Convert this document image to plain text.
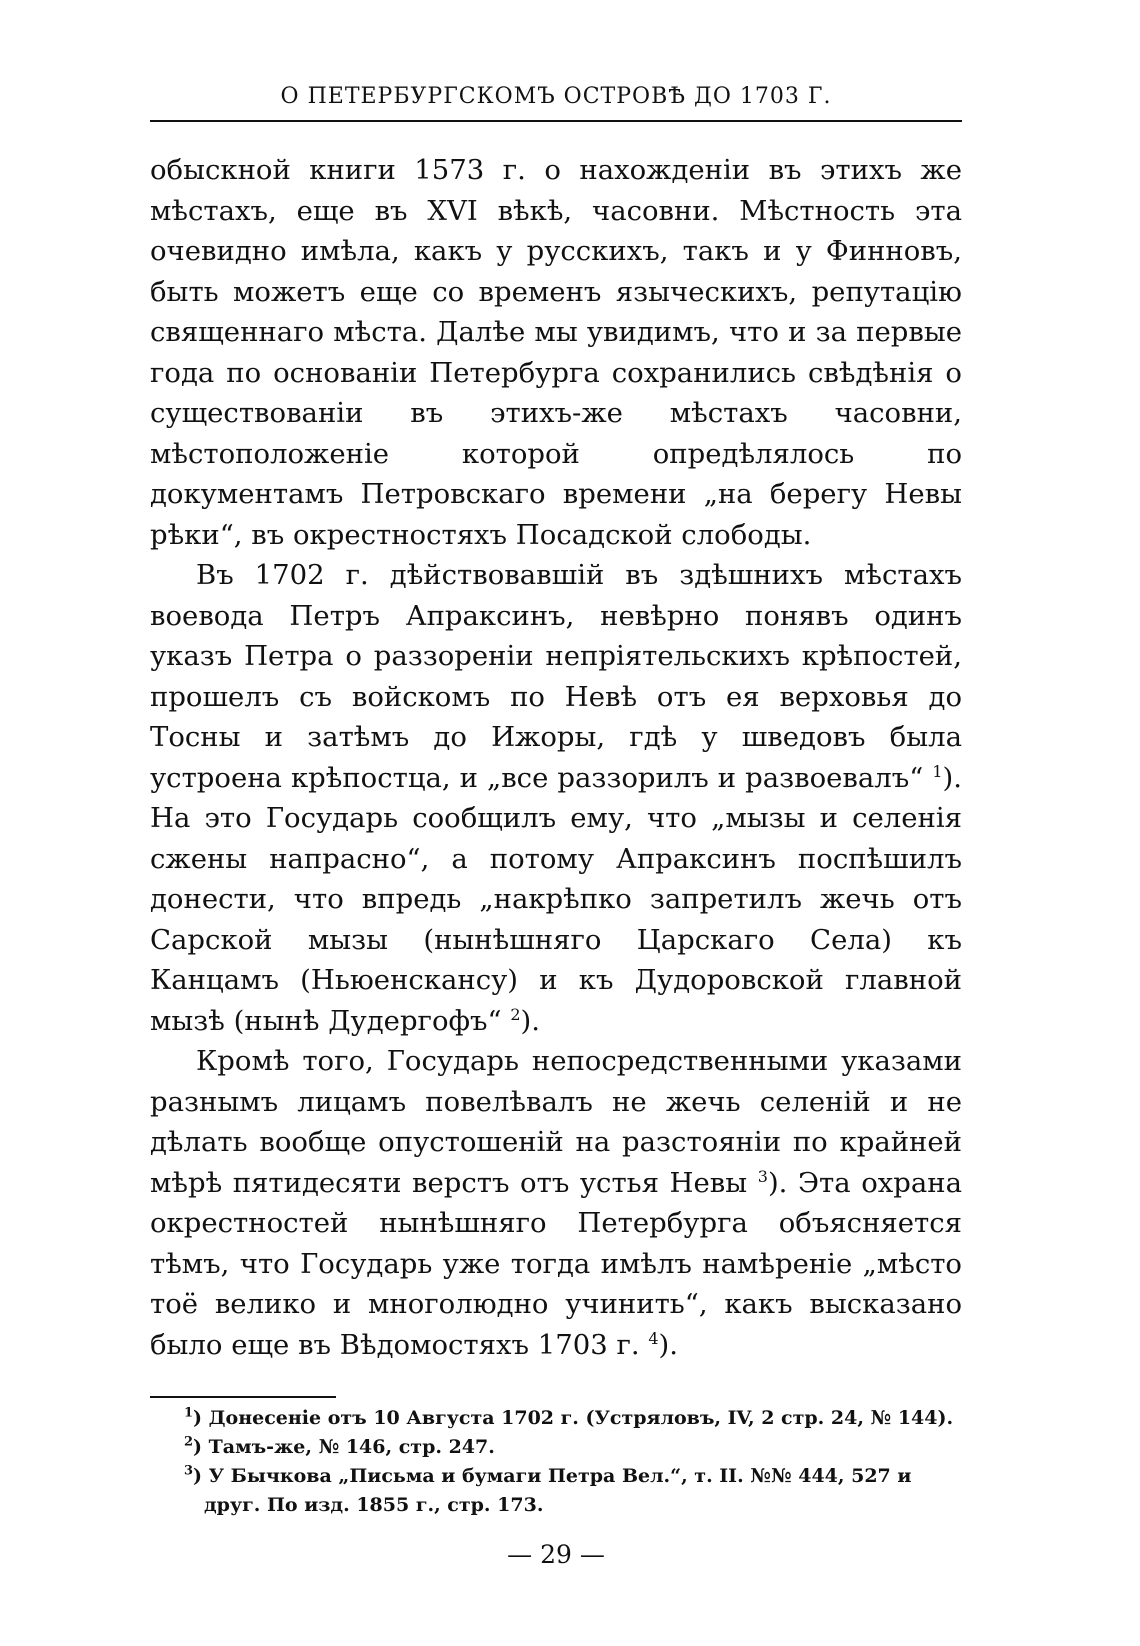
О ПЕТЕРБУРГСКОМЪ ОСТРОВѢ ДО 1703 Г.

обыскной книги 1573 г. о нахожденіи въ этихъ же мѣстахъ, еще въ XVI вѣкѣ, часовни. Мѣстность эта очевидно имѣла, какъ у русскихъ, такъ и у Финновъ, быть можетъ еще со временъ языческихъ, репутацію священнаго мѣста. Далѣе мы увидимъ, что и за первые года по основаніи Петербурга сохранились свѣдѣнія о существованіи въ этихъ-же мѣстахъ часовни, мѣстоположеніе которой опредѣлялось по документамъ Петровскаго времени „на берегу Невы рѣки“, въ окрестностяхъ Посадской слободы.

Въ 1702 г. дѣйствовавшій въ здѣшнихъ мѣстахъ воевода Петръ Апраксинъ, невѣрно понявъ одинъ указъ Петра о раззореніи непріятельскихъ крѣпостей, прошелъ съ войскомъ по Невѣ отъ ея верховья до Тосны и затѣмъ до Ижоры, гдѣ у шведовъ была устроена крѣпостца, и „все раззорилъ и развоевалъ“ $^1$). На это Государь сообщилъ ему, что „мызы и селенія сжены напрасно“, а потому Апраксинъ поспѣшилъ донести, что впредь „накрѣпко запретилъ жечь отъ Сарской мызы (нынѣшняго Царскаго Села) къ Канцамъ (Ньюенскансу) и къ Дудоровской главной мызѣ (нынѣ Дудергофъ“ $^2$).

Кромѣ того, Государь непосредственными указами разнымъ лицамъ повелѣвалъ не жечь селеній и не дѣлать вообще опустошеній на разстояніи по крайней мѣрѣ пятидесяти верстъ отъ устья Невы $^3$). Эта охрана окрестностей нынѣшняго Петербурга объясняется тѣмъ, что Государь уже тогда имѣлъ намѣреніе „мѣсто тоё велико и многолюдно учинить“, какъ высказано было еще въ Вѣдомостяхъ 1703 г. $^4$).

$^1$) Донесеніе отъ 10 Августа 1702 г. (Устряловъ, IV, 2 стр. 24, № 144).

$^2$) Тамъ-же, № 146, стр. 247.

$^3$) У Бычкова „Письма и бумаги Петра Вел.“, т. II. №№ 444, 527 и друг. По изд. 1855 г., стр. 173.

— 29 —
